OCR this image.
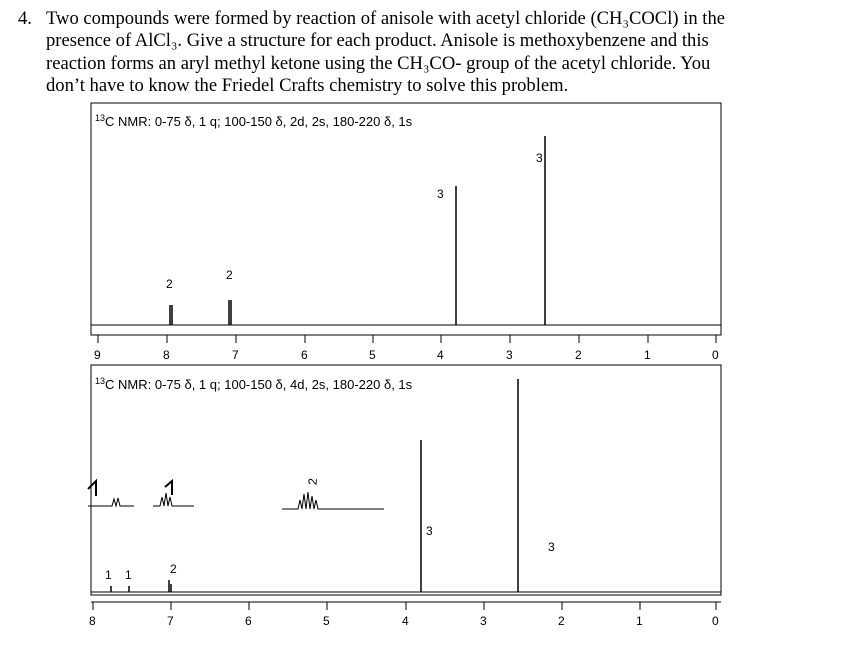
4. Two compounds were formed by reaction of anisole with acetyl chloride (CH₃COCl) in the
presence of AlCl₃. Give a structure for each product. Anisole is methoxybenzene and this
reaction forms an aryl methyl ketone using the CH₃CO- group of the acetyl chloride. You
don’t have to know the Friedel Crafts chemistry to solve this problem.
$^{13}$C NMR: 0-75 δ, 1 q; 100-150 δ, 2d, 2s, 180-220 δ, 1s
2
2
3
3
9	8	7	6	5	4	3	2	1	0
$^{13}$C NMR: 0-75 δ, 1 q; 100-150 δ, 4d, 2s, 180-220 δ, 1s
2
1 1	2
3
3
8	7	6	5	4	3	2	1	0
